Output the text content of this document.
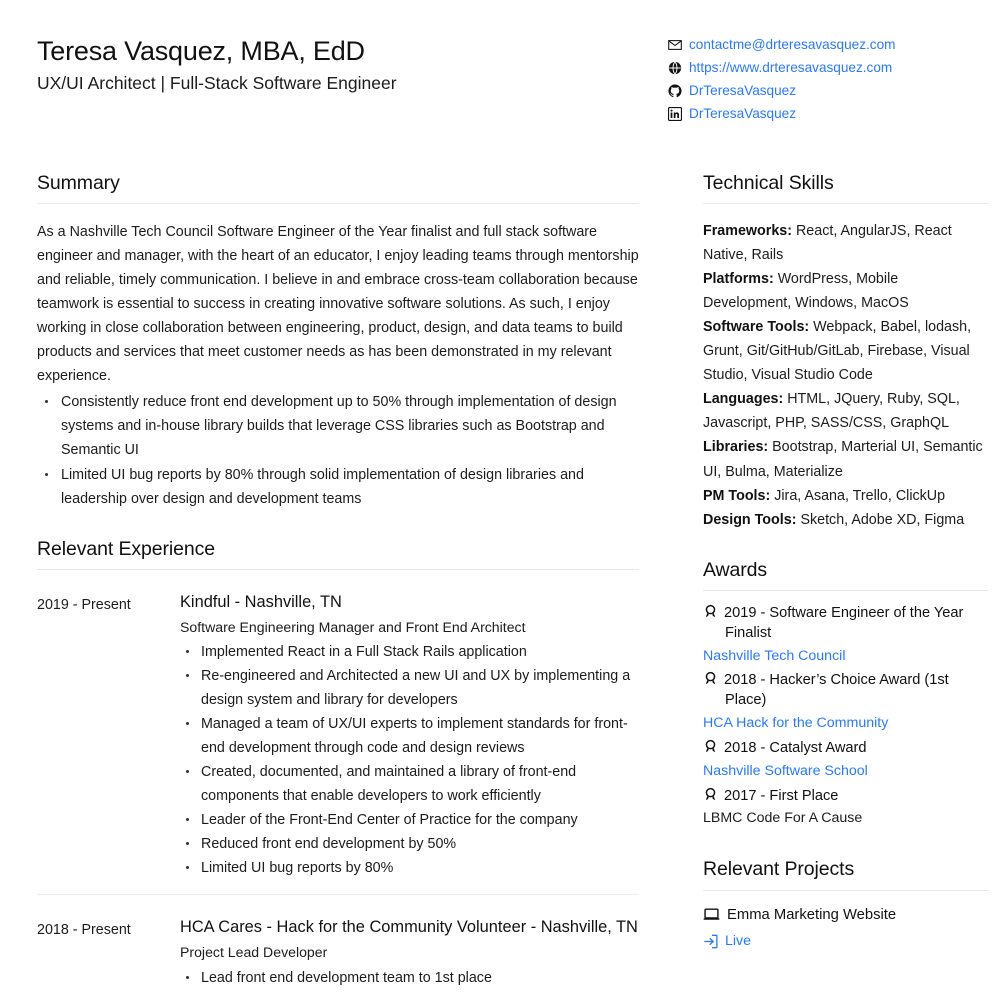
Teresa Vasquez, MBA, EdD
UX/UI Architect | Full-Stack Software Engineer
contactme@drteresavasquez.com
https://www.drteresavasquez.com
DrTeresaVasquez
DrTeresaVasquez
Summary

As a Nashville Tech Council Software Engineer of the Year finalist and full stack software engineer and manager, with the heart of an educator, I enjoy leading teams through mentorship and reliable, timely communication. I believe in and embrace cross-team collaboration because teamwork is essential to success in creating innovative software solutions. As such, I enjoy working in close collaboration between engineering, product, design, and data teams to build products and services that meet customer needs as has been demonstrated in my relevant experience.

Consistently reduce front end development up to 50% through implementation of design systems and in-house library builds that leverage CSS libraries such as Bootstrap and Semantic UI
Limited UI bug reports by 80% through solid implementation of design libraries and leadership over design and development teams
Relevant Experience
2019 - Present	Kindful - Nashville, TN
Software Engineering Manager and Front End Architect
Implemented React in a Full Stack Rails application
Re-engineered and Architected a new UI and UX by implementing a design system and library for developers
Managed a team of UX/UI experts to implement standards for front-end development through code and design reviews
Created, documented, and maintained a library of front-end components that enable developers to work efficiently
Leader of the Front-End Center of Practice for the company
Reduced front end development by 50%
Limited UI bug reports by 80%
2018 - Present	HCA Cares - Hack for the Community Volunteer - Nashville, TN
Project Lead Developer
Lead front end development team to 1st place
Technical Skills
Frameworks: React, AngularJS, React Native, Rails
Platforms: WordPress, Mobile Development, Windows, MacOS
Software Tools: Webpack, Babel, lodash, Grunt, Git/GitHub/GitLab, Firebase, Visual Studio, Visual Studio Code
Languages: HTML, JQuery, Ruby, SQL, Javascript, PHP, SASS/CSS, GraphQL
Libraries: Bootstrap, Marterial UI, Semantic UI, Bulma, Materialize
PM Tools: Jira, Asana, Trello, ClickUp
Design Tools: Sketch, Adobe XD, Figma
Awards
2019 - Software Engineer of the Year Finalist
Nashville Tech Council
2018 - Hacker’s Choice Award (1st Place)
HCA Hack for the Community
2018 - Catalyst Award
Nashville Software School
2017 - First Place
LBMC Code For A Cause
Relevant Projects
Emma Marketing Website
Live
